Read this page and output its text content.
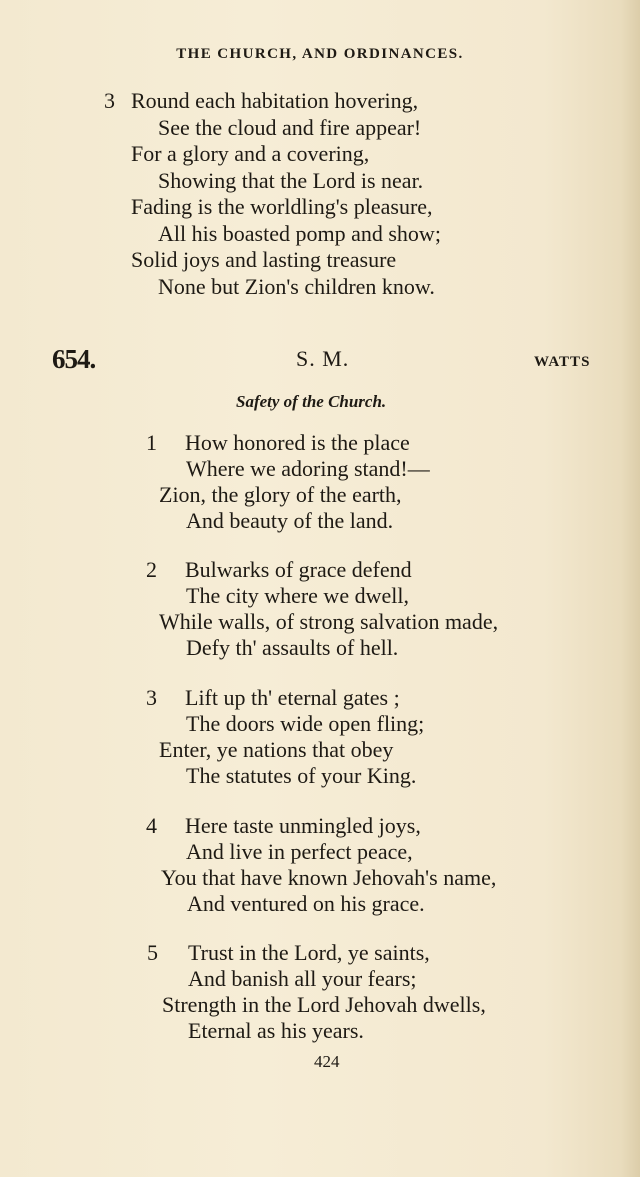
THE CHURCH, AND ORDINANCES.
3 Round each habitation hovering,
See the cloud and fire appear!
For a glory and a covering,
Showing that the Lord is near.
Fading is the worldling's pleasure,
All his boasted pomp and show;
Solid joys and lasting treasure
None but Zion's children know.
654.	S. M.	WATTS
Safety of the Church.
1 How honored is the place
Where we adoring stand!—
Zion, the glory of the earth,
And beauty of the land.
2 Bulwarks of grace defend
The city where we dwell,
While walls, of strong salvation made,
Defy th' assaults of hell.
3 Lift up th' eternal gates ;
The doors wide open fling;
Enter, ye nations that obey
The statutes of your King.
4 Here taste unmingled joys,
And live in perfect peace,
You that have known Jehovah's name,
And ventured on his grace.
5 Trust in the Lord, ye saints,
And banish all your fears;
Strength in the Lord Jehovah dwells,
Eternal as his years.
424
